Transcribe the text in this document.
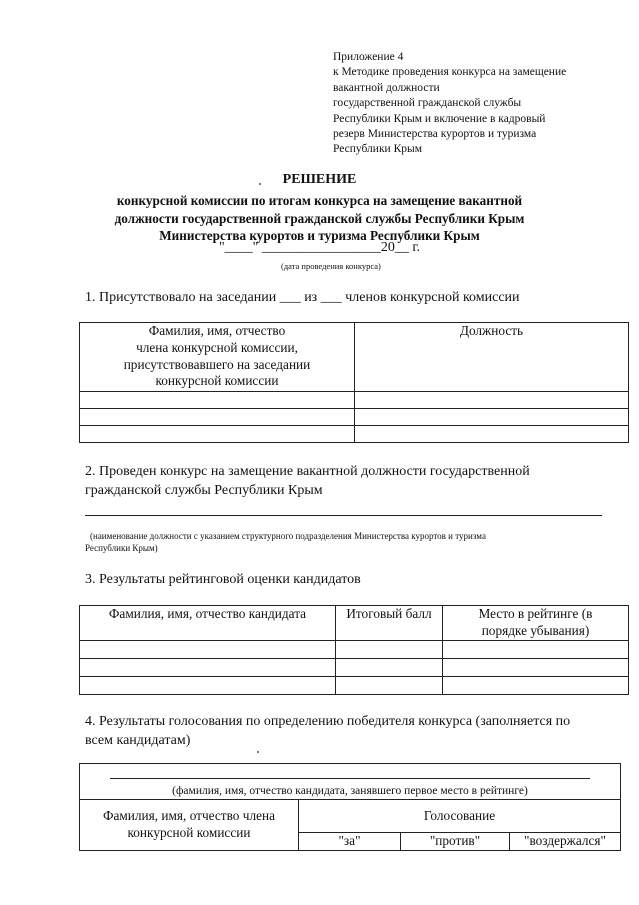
Приложение 4
к Методике проведения конкурса на замещение
вакантной должности
государственной гражданской службы
Республики Крым и включение в кадровый
резерв Министерства курортов и туризма
Республики Крым
РЕШЕНИЕ
конкурсной комиссии по итогам конкурса на замещение вакантной
должности государственной гражданской службы Республики Крым
Министерства курортов и туризма Республики Крым
"____" _________________20__ г.
(дата проведения конкурса)
1. Присутствовало на заседании ___ из ___ членов конкурсной комиссии
Фамилия, имя, отчество
члена конкурсной комиссии,
присутствовавшего на заседании
конкурсной комиссии	Должность

2. Проведен конкурс на замещение вакантной должности государственной
гражданской службы Республики Крым
(наименование должности с указанием структурного подразделения Министерства курортов и туризма
Республики Крым)
3. Результаты рейтинговой оценки кандидатов
Фамилия, имя, отчество кандидата	Итоговый балл	Место в рейтинге (в
порядке убывания)

4. Результаты голосования по определению победителя конкурса (заполняется по
всем кандидатам)
(фамилия, имя, отчество кандидата, занявшего первое место в рейтинге)			

Фамилия, имя, отчество члена
конкурсной комиссии	Голосование		

	"за"	"против"	"воздержался"
